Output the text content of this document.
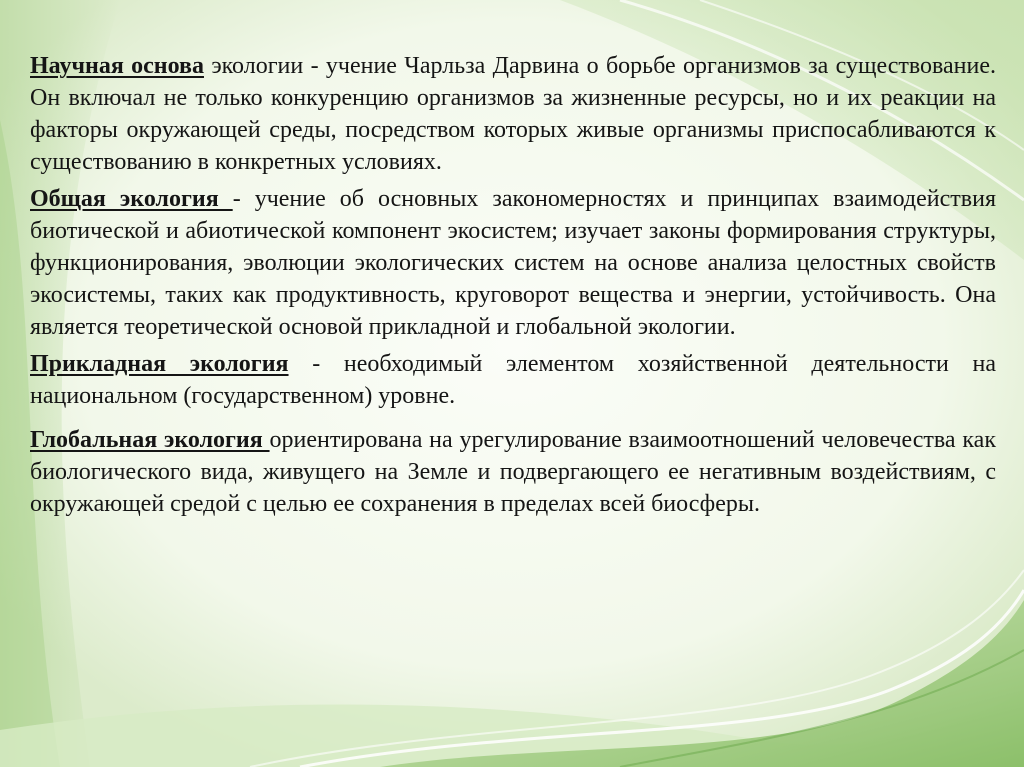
Научная основа экологии - учение Чарльза Дарвина о борьбе организмов за существование. Он включал не только конкуренцию организмов за жизненные ресурсы, но и их реакции на факторы окружающей среды, посредством которых живые организмы приспосабливаются к существованию в конкретных условиях.

Общая экология - учение об основных закономерностях и принципах взаимодействия биотической и абиотической компонент экосистем; изучает законы формирования структуры, функционирования, эволюции экологических систем на основе анализа целостных свойств экосистемы, таких как продуктивность, круговорот вещества и энергии, устойчивость. Она является теоретической основой прикладной и глобальной экологии.

Прикладная экология - необходимый элементом хозяйственной деятельности на национальном (государственном) уровне.

Глобальная экология ориентирована на урегулирование взаимоотношений человечества как биологического вида, живущего на Земле и подвергающего ее негативным воздействиям, с окружающей средой с целью ее сохранения в пределах всей биосферы.
